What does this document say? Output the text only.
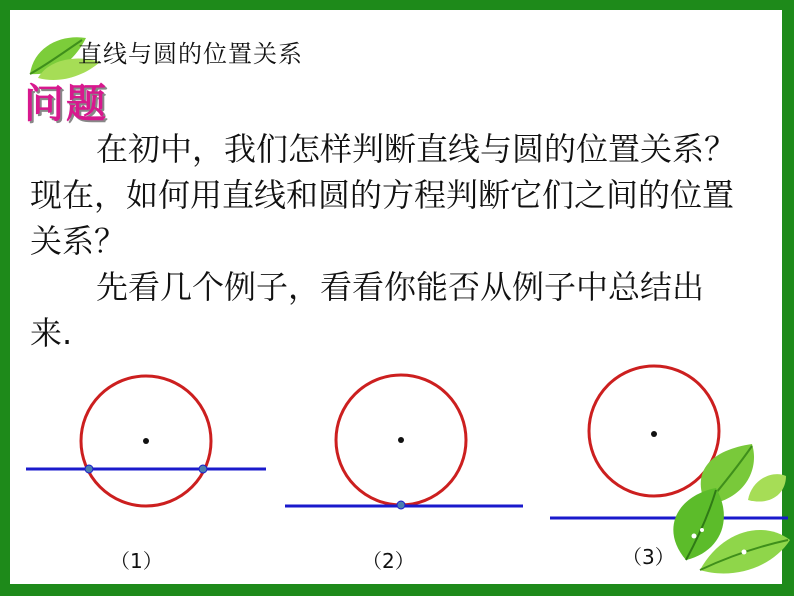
直线与圆的位置关系
问题

在初中，我们怎样判断直线与圆的位置关系？现在，如何用直线和圆的方程判断它们之间的位置关系？

先看几个例子，看看你能否从例子中总结出来.

（1）	（2）	（3）
